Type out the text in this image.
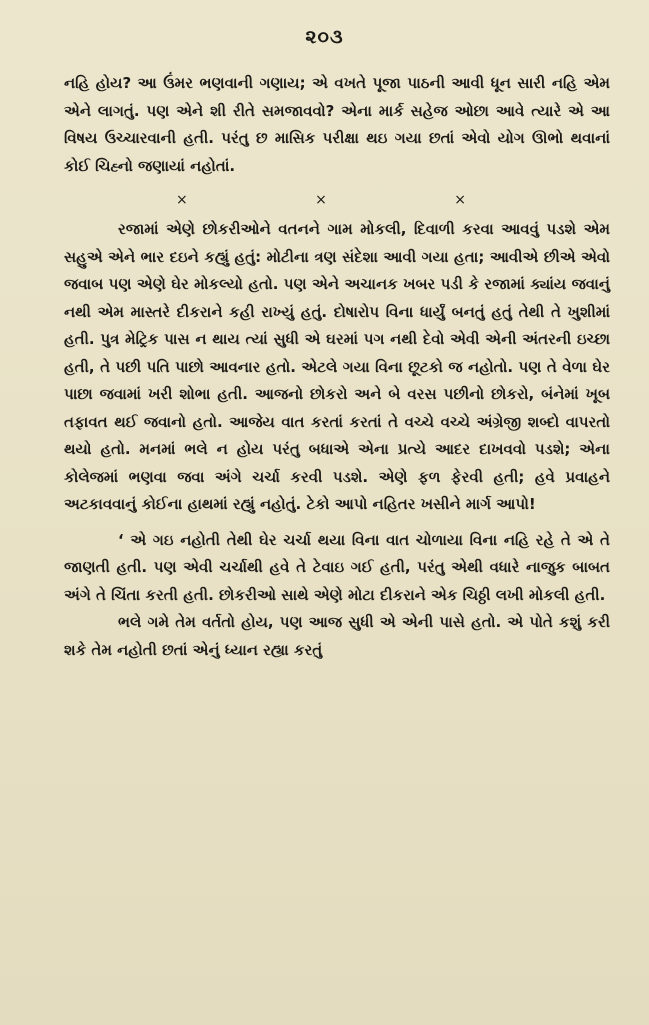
૨૦૩

નહિ હોય? આ ઉંમર ભણવાની ગણાય; એ વખતે પૂજા પાઠની આવી ધૂન સારી નહિ એમ એને લાગતું. પણ એને શી રીતે સમજાવવો? એના માર્ક સહેજ ઓછા આવે ત્યારે એ આ વિષય ઉચ્ચારવાની હતી. પરંતુ છ માસિક પરીક્ષા થઇ ગયા છતાં એવો યોગ ઊભો થવાનાં કોઈ ચિહ્નો જણાયાં નહોતાં.

×	×	×

રજામાં એણે છોકરીઓને વતનને ગામ મોકલી, દિવાળી કરવા આવવું પડશે એમ સહુએ એને ભાર દઇને કહ્યું હતું: મોટીના ત્રણ સંદેશા આવી ગયા હતા; આવીએ છીએ એવો જવાબ પણ એણે ઘેર મોકલ્યો હતો. પણ એને અચાનક ખબર પડી કે રજામાં ક્યાંય જવાનું નથી એમ માસ્તરે દીકરાને કહી રાખ્યું હતું. દોષારોપ વિના ધાર્યું બનતું હતું તેથી તે ખુશીમાં હતી. પુત્ર મેટ્રિક પાસ ન થાય ત્યાં સુધી એ ઘરમાં પગ નથી દેવો એવી એની અંતરની ઇચ્છા હતી, તે પછી પતિ પાછો આવનાર હતો. એટલે ગયા વિના છૂટકો જ નહોતો. પણ તે વેળા ઘેર પાછા જવામાં ખરી શોભા હતી. આજનો છોકરો અને બે વરસ પછીનો છોકરો, બંનેમાં ખૂબ તફાવત થઈ જવાનો હતો. આજેય વાત કરતાં કરતાં તે વચ્ચે વચ્ચે અંગ્રેજી શબ્દો વાપરતો થયો હતો. મનમાં ભલે ન હોય પરંતુ બધાએ એના પ્રત્યે આદર દાખવવો પડશે; એના કોલેજમાં ભણવા જવા અંગે ચર્ચા કરવી પડશે. એણે ફળ ફેરવી હતી; હવે પ્રવાહને અટકાવવાનું કોઈના હાથમાં રહ્યું નહોતું. ટેકો આપો નહિતર ખસીને માર્ગ આપો!

‘ એ ગઇ નહોતી તેથી ઘેર ચર્ચા થયા વિના વાત ચોળાયા વિના નહિ રહે તે એ તે જાણતી હતી. પણ એવી ચર્ચાથી હવે તે ટેવાઇ ગઈ હતી, પરંતુ એથી વધારે નાજુક બાબત અંગે તે ચિંતા કરતી હતી. છોકરીઓ સાથે એણે મોટા દીકરાને એક ચિઠ્ઠી લખી મોકલી હતી.

ભલે ગમે તેમ વર્તતો હોય, પણ આજ સુધી એ એની પાસે હતો. એ પોતે કશું કરી શકે તેમ નહોતી છતાં એનું ધ્યાન રહ્યા કરતું
